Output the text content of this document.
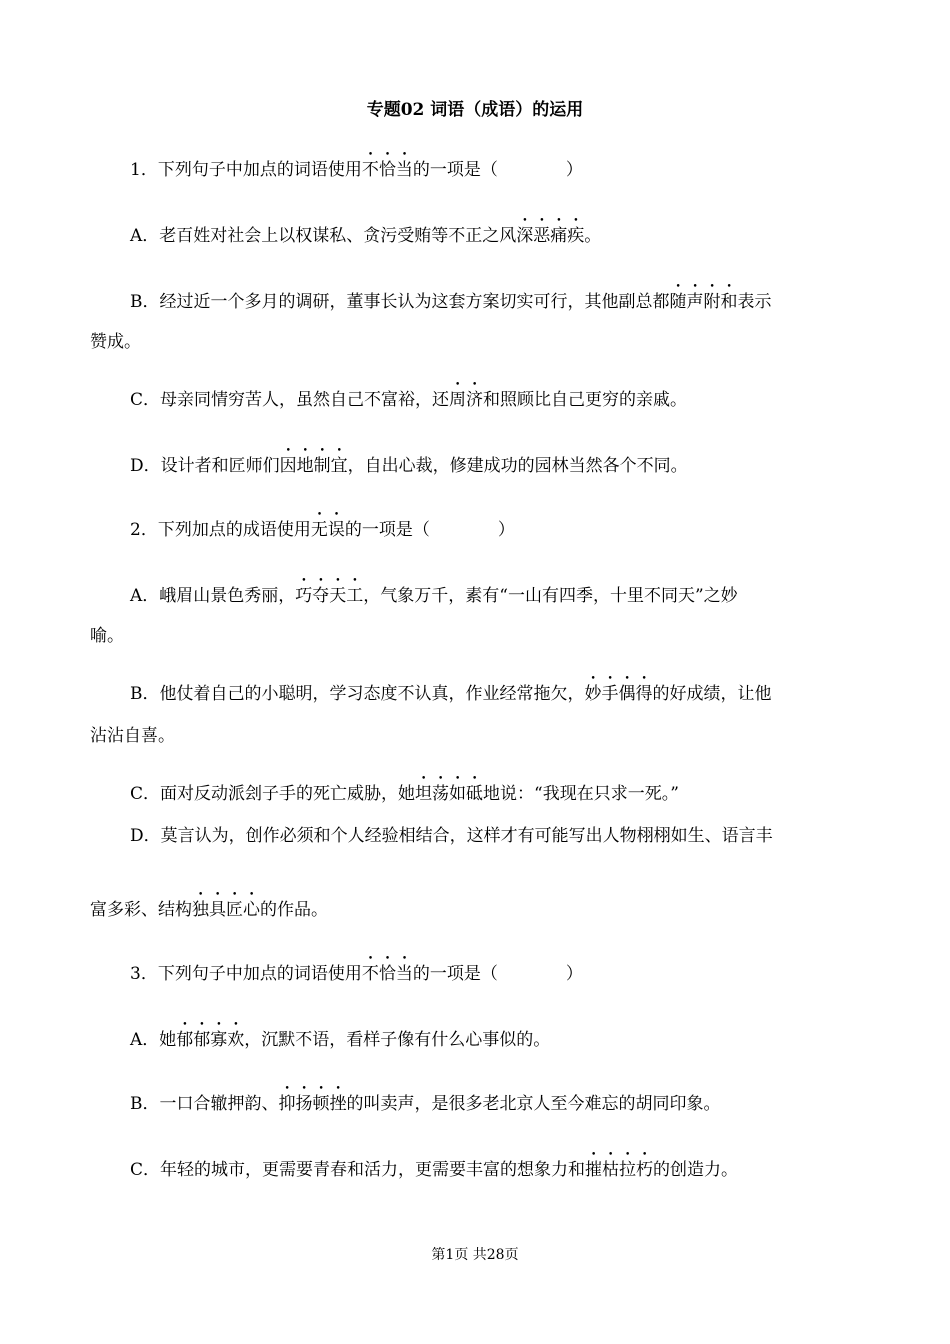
专题02 词语（成语）的运用
1．下列句子中加点的词语使用不恰当的一项是（　　　　）
A．老百姓对社会上以权谋私、贪污受贿等不正之风深恶痛疾。
B．经过近一个多月的调研，董事长认为这套方案切实可行，其他副总都随声附和表示
赞成。
C．母亲同情穷苦人，虽然自己不富裕，还周济和照顾比自己更穷的亲戚。
D．设计者和匠师们因地制宜，自出心裁，修建成功的园林当然各个不同。
2．下列加点的成语使用无误的一项是（　　　　）
A．峨眉山景色秀丽，巧夺天工，气象万千，素有“一山有四季，十里不同天”之妙
喻。
B．他仗着自己的小聪明，学习态度不认真，作业经常拖欠，妙手偶得的好成绩，让他
沾沾自喜。
C．面对反动派刽子手的死亡威胁，她坦荡如砥地说：“我现在只求一死。”
D．莫言认为，创作必须和个人经验相结合，这样才有可能写出人物栩栩如生、语言丰
富多彩、结构独具匠心的作品。
3．下列句子中加点的词语使用不恰当的一项是（　　　　）
A．她郁郁寡欢，沉默不语，看样子像有什么心事似的。
B．一口合辙押韵、抑扬顿挫的叫卖声，是很多老北京人至今难忘的胡同印象。
C．年轻的城市，更需要青春和活力，更需要丰富的想象力和摧枯拉朽的创造力。
第1页 共28页
